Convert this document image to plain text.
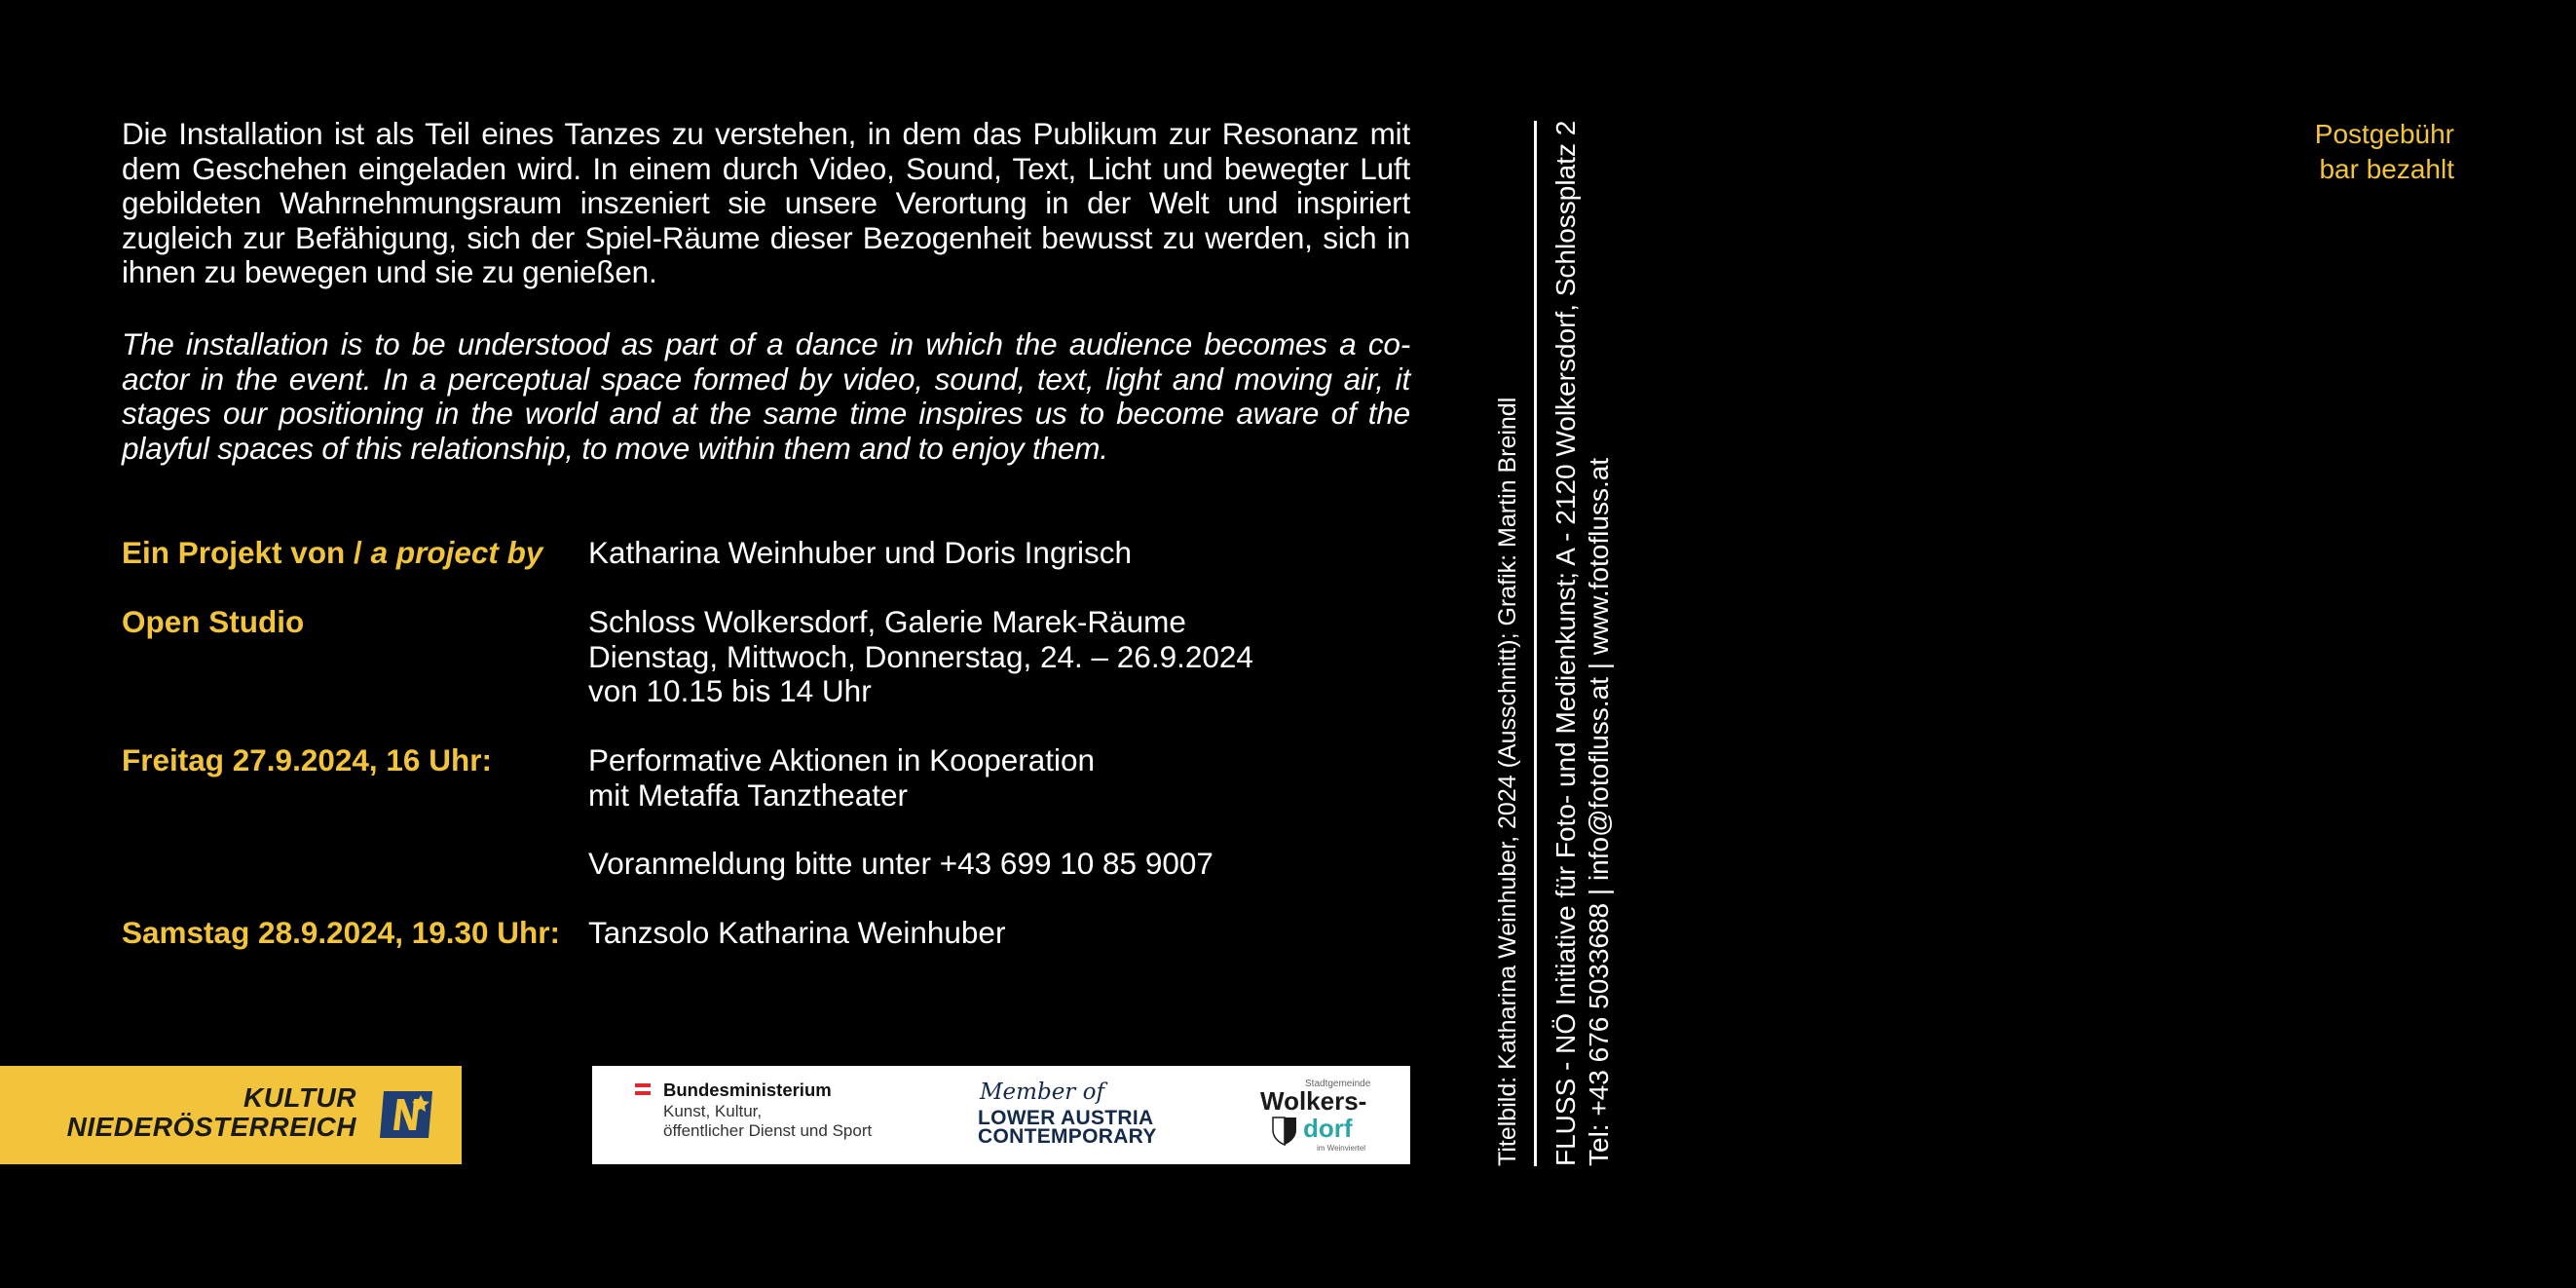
Die Installation ist als Teil eines Tanzes zu verstehen, in dem das Publikum zur Resonanz mit dem Geschehen eingeladen wird. In einem durch Video, Sound, Text, Licht und bewegter Luft gebildeten Wahrnehmungsraum inszeniert sie unsere Verortung in der Welt und inspiriert zugleich zur Befähigung, sich der Spiel-Räume dieser Bezogenheit bewusst zu werden, sich in ihnen zu bewegen und sie zu genießen.

The installation is to be understood as part of a dance in which the audience becomes a co-actor in the event. In a perceptual space formed by video, sound, text, light and moving air, it stages our positioning in the world and at the same time inspires us to become aware of the playful spaces of this relationship, to move within them and to enjoy them.

Ein Projekt von / a project by Katharina Weinhuber und Doris Ingrisch
Open Studio	Schloss Wolkersdorf, Galerie Marek-Räume
Dienstag, Mittwoch, Donnerstag, 24. – 26.9.2024
von 10.15 bis 14 Uhr
Freitag 27.9.2024, 16 Uhr:	Performative Aktionen in Kooperation
mit Metaffa Tanztheater
Voranmeldung bitte unter +43 699 10 85 9007
Samstag 28.9.2024, 19.30 Uhr: Tanzsolo Katharina Weinhuber
Postgebühr
bar bezahlt
KULTUR
NIEDERÖSTERREICH
Bundesministerium
Kunst, Kultur,
öffentlicher Dienst und Sport
Member of
LOWER AUSTRIA
CONTEMPORARY
Stadtgemeinde
Wolkers-
dorf
im Weinviertel	Titelbild: Katharina Weinhuber, 2024 (Ausschnitt); Grafik: Martin Breindl FLUSS - NÖ Initiative für Foto- und Medienkunst; A - 2120 Wolkersdorf, Schlossplatz 2 Tel: +43 676 5033688 | info@fotofluss.at | www.fotofluss.at
